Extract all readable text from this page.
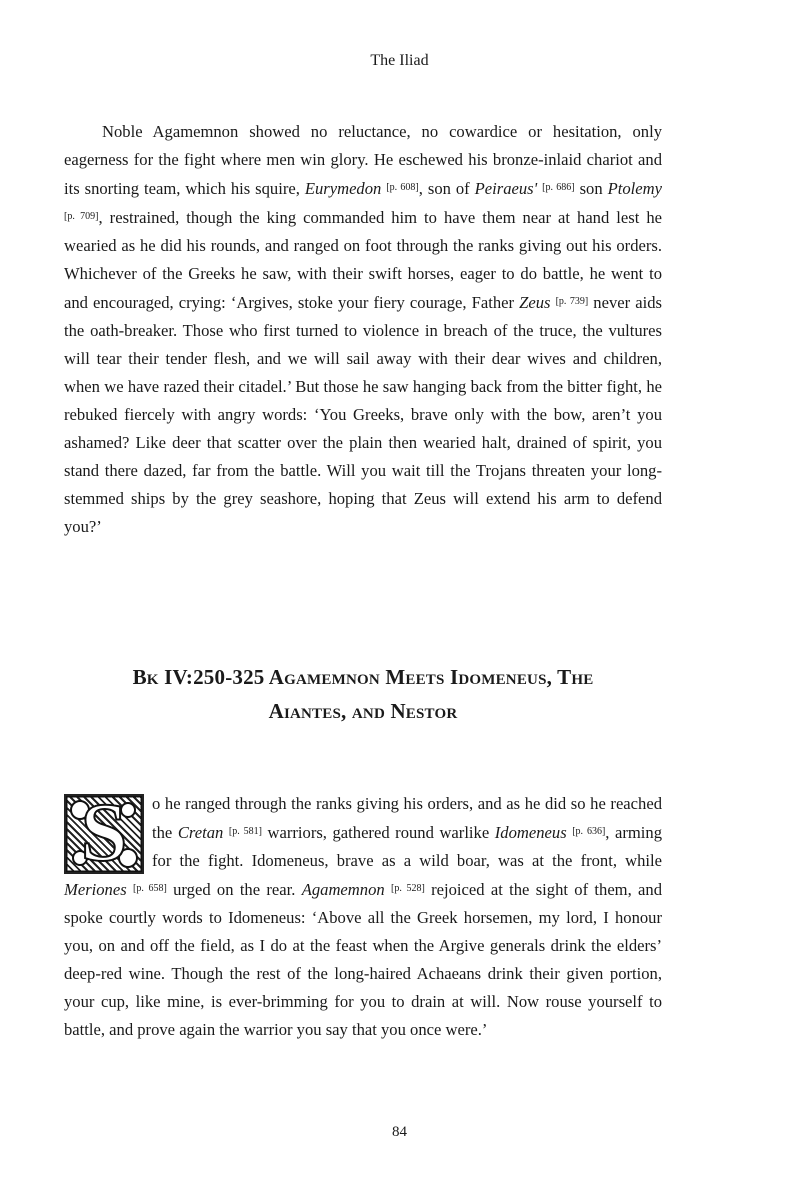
The Iliad

Noble Agamemnon showed no reluctance, no cowardice or hesitation, only eagerness for the fight where men win glory. He eschewed his bronze-inlaid chariot and its snorting team, which his squire, Eurymedon [p. 608], son of Peiraeus' [p. 686] son Ptolemy [p. 709], restrained, though the king commanded him to have them near at hand lest he wearied as he did his rounds, and ranged on foot through the ranks giving out his orders. Whichever of the Greeks he saw, with their swift horses, eager to do battle, he went to and encouraged, crying: ‘Argives, stoke your fiery courage, Father Zeus [p. 739] never aids the oath-breaker. Those who first turned to violence in breach of the truce, the vultures will tear their tender flesh, and we will sail away with their dear wives and children, when we have razed their citadel.’ But those he saw hanging back from the bitter fight, he rebuked fiercely with angry words: ‘You Greeks, brave only with the bow, aren’t you ashamed? Like deer that scatter over the plain then wearied halt, drained of spirit, you stand there dazed, far from the battle. Will you wait till the Trojans threaten your long-stemmed ships by the grey seashore, hoping that Zeus will extend his arm to defend you?’

Bk IV:250-325 Agamemnon Meets Idomeneus, The
Aiantes, and Nestor

S	o he ranged through the ranks giving his orders, and as he did so he reached the Cretan [p. 581] warriors, gathered round warlike Idomeneus [p. 636], arming for the fight. Idomeneus, brave as a wild boar, was at the front, while Meriones [p. 658] urged on the rear. Agamemnon [p. 528] rejoiced at the sight of them, and spoke courtly words to Idomeneus: ‘Above all the Greek horsemen, my lord, I honour you, on and off the field, as I do at the feast when the Argive generals drink the elders’ deep-red wine. Though the rest of the long-haired Achaeans drink their given portion, your cup, like mine, is ever-brimming for you to drain at will. Now rouse yourself to battle, and prove again the warrior you say that you once were.’

84
